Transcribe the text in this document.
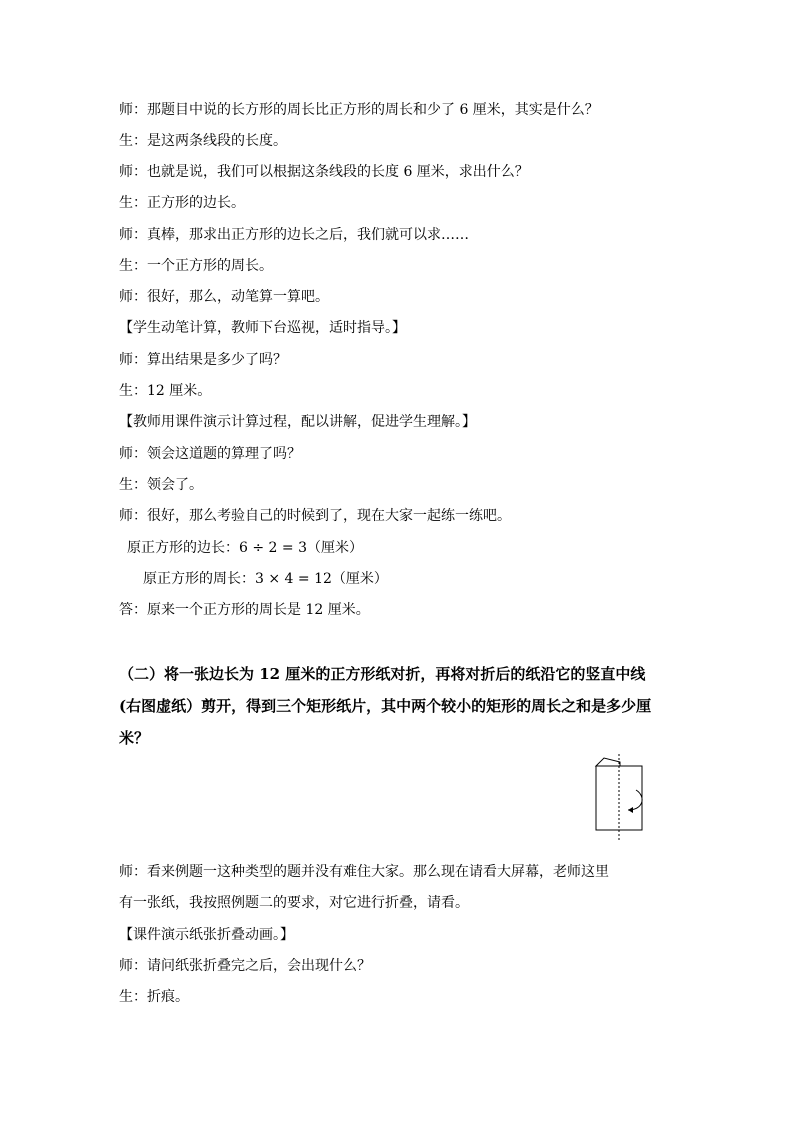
师：那题目中说的长方形的周长比正方形的周长和少了 6 厘米，其实是什么？
生：是这两条线段的长度。
师：也就是说，我们可以根据这条线段的长度 6 厘米，求出什么？
生：正方形的边长。
师：真棒，那求出正方形的边长之后，我们就可以求……
生：一个正方形的周长。
师：很好，那么，动笔算一算吧。
【学生动笔计算，教师下台巡视，适时指导。】
师：算出结果是多少了吗？
生：12 厘米。
【教师用课件演示计算过程，配以讲解，促进学生理解。】
师：领会这道题的算理了吗？
生：领会了。
师：很好，那么考验自己的时候到了，现在大家一起练一练吧。
原正方形的边长：6 ÷ 2 = 3（厘米）
原正方形的周长：3 × 4 = 12（厘米）
答：原来一个正方形的周长是 12 厘米。
（二）将一张边长为 12 厘米的正方形纸对折，再将对折后的纸沿它的竖直中线
(右图虚纸）剪开，得到三个矩形纸片，其中两个较小的矩形的周长之和是多少厘
米？
师：看来例题一这种类型的题并没有难住大家。那么现在请看大屏幕，老师这里
有一张纸，我按照例题二的要求，对它进行折叠，请看。
【课件演示纸张折叠动画。】
师：请问纸张折叠完之后，会出现什么？
生：折痕。
